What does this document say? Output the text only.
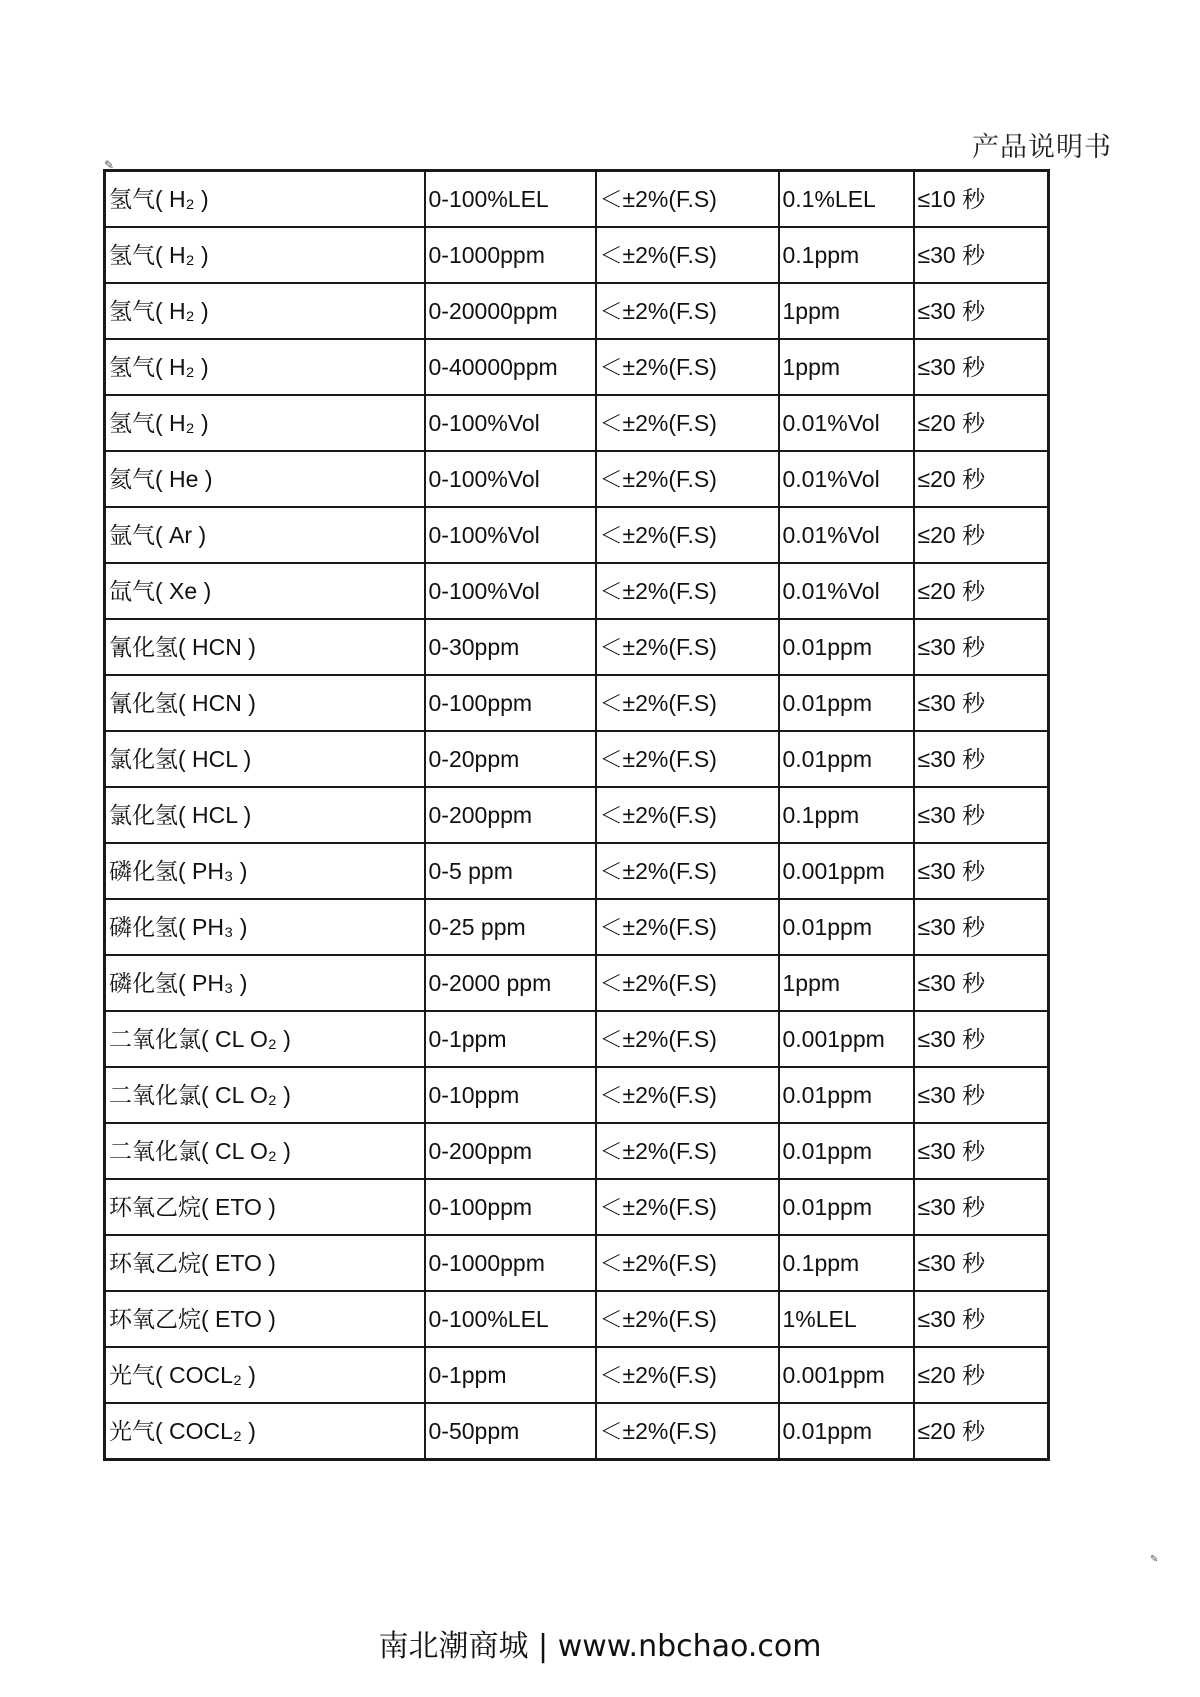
产品说明书
✎
✎
氢气( H₂ )	0-100%LEL	＜±2%(F.S)	0.1%LEL	≤10 秒
氢气( H₂ )	0-1000ppm	＜±2%(F.S)	0.1ppm	≤30 秒
氢气( H₂ )	0-20000ppm	＜±2%(F.S)	1ppm	≤30 秒
氢气( H₂ )	0-40000ppm	＜±2%(F.S)	1ppm	≤30 秒
氢气( H₂ )	0-100%Vol	＜±2%(F.S)	0.01%Vol	≤20 秒
氦气( He )	0-100%Vol	＜±2%(F.S)	0.01%Vol	≤20 秒
氩气( Ar )	0-100%Vol	＜±2%(F.S)	0.01%Vol	≤20 秒
氙气( Xe )	0-100%Vol	＜±2%(F.S)	0.01%Vol	≤20 秒
氰化氢( HCN )	0-30ppm	＜±2%(F.S)	0.01ppm	≤30 秒
氰化氢( HCN )	0-100ppm	＜±2%(F.S)	0.01ppm	≤30 秒
氯化氢( HCL )	0-20ppm	＜±2%(F.S)	0.01ppm	≤30 秒
氯化氢( HCL )	0-200ppm	＜±2%(F.S)	0.1ppm	≤30 秒
磷化氢( PH₃ )	0-5 ppm	＜±2%(F.S)	0.001ppm	≤30 秒
磷化氢( PH₃ )	0-25 ppm	＜±2%(F.S)	0.01ppm	≤30 秒
磷化氢( PH₃ )	0-2000 ppm	＜±2%(F.S)	1ppm	≤30 秒
二氧化氯( CL O₂ )	0-1ppm	＜±2%(F.S)	0.001ppm	≤30 秒
二氧化氯( CL O₂ )	0-10ppm	＜±2%(F.S)	0.01ppm	≤30 秒
二氧化氯( CL O₂ )	0-200ppm	＜±2%(F.S)	0.01ppm	≤30 秒
环氧乙烷( ETO )	0-100ppm	＜±2%(F.S)	0.01ppm	≤30 秒
环氧乙烷( ETO )	0-1000ppm	＜±2%(F.S)	0.1ppm	≤30 秒
环氧乙烷( ETO )	0-100%LEL	＜±2%(F.S)	1%LEL	≤30 秒
光气( COCL₂ )	0-1ppm	＜±2%(F.S)	0.001ppm	≤20 秒
光气( COCL₂ )	0-50ppm	＜±2%(F.S)	0.01ppm	≤20 秒
南北潮商城 | www.nbchao.com
